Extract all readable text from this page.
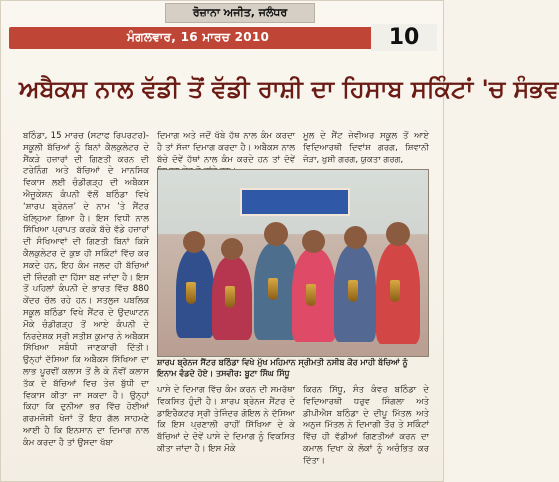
ਰੋਜ਼ਾਨਾ ਅਜੀਤ, ਜਲੰਧਰ
ਮੰਗਲਵਾਰ, 16 ਮਾਰਚ 2010	10
ਅਬੈਕਸ ਨਾਲ ਵੱਡੀ ਤੋਂ ਵੱਡੀ ਰਾਸ਼ੀ ਦਾ ਹਿਸਾਬ ਸਕਿੰਟਾਂ 'ਚ ਸੰਭਵ
ਬਠਿੰਡਾ, 15 ਮਾਰਚ (ਸਟਾਫ ਰਿਪਰਟਰ)- ਸਕੂਲੀ ਬੱਚਿਆਂ ਨੂੰ ਬਿਨਾਂ ਕੈਲਕੁਲੇਟਰ ਦੇ ਸੈਂਕੜੇ ਹਜ਼ਾਰਾਂ ਦੀ ਗਿਣਤੀ ਕਰਨ ਦੀ ਟਰੇਨਿੰਗ ਅਤੇ ਬੱਚਿਆਂ ਦੇ ਮਾਨਸਿਕ ਵਿਕਾਸ ਲਈ ਚੰਡੀਗੜ੍ਹ ਦੀ ਅਬੈਕਸ ਐਜੂਕੇਸ਼ਨ ਕੰਪਨੀ ਵੱਲੋਂ ਬਠਿੰਡਾ ਵਿਖੇ ‘ਸ਼ਾਰਪ ਬ੍ਰੇਨਜ਼’ ਦੇ ਨਾਮ ’ਤੇ ਸੈਂਟਰ ਖੋਲ੍ਹਿਆ ਗਿਆ ਹੈ। ਇਸ ਵਿਧੀ ਨਾਲ ਸਿੱਖਿਆ ਪ੍ਰਾਪਤ ਕਰਕੇ ਬੱਚੇ ਵੱਡੇ ਹਜ਼ਾਰਾਂ ਦੀ ਸੰਖਿਆਵਾਂ ਦੀ ਗਿਣਤੀ ਬਿਨਾਂ ਕਿਸੇ ਕੈਲਕੁਲੇਟਰ ਦੇ ਕੁਝ ਹੀ ਸਕਿੰਟਾਂ ਵਿੱਚ ਕਰ ਸਕਦੇ ਹਨ, ਇਹ ਕੰਮ ਜਲਦ ਹੀ ਬੱਚਿਆਂ ਦੀ ਜ਼ਿੰਦਗੀ ਦਾ ਹਿੱਸਾ ਬਣ ਜਾਂਦਾ ਹੈ। ਇਸ ਤੋਂ ਪਹਿਲਾਂ ਕੰਪਨੀ ਦੇ ਭਾਰਤ ਵਿੱਚ 880 ਕੇਂਦਰ ਚੱਲ ਰਹੇ ਹਨ। ਸਤਲੁਜ ਪਬਲਿਕ ਸਕੂਲ ਬਠਿੰਡਾ ਵਿਖੇ ਸੈਂਟਰ ਦੇ ਉਦਘਾਟਨ ਮੌਕੇ ਚੰਡੀਗੜ੍ਹ ਤੋਂ ਆਏ ਕੰਪਨੀ ਦੇ ਨਿਰਦੇਸ਼ਕ ਸ੍ਰੀ ਸਤੀਸ਼ ਕੁਮਾਰ ਨੇ ਅਬੈਕਸ ਸਿੱਖਿਆ ਸਬੰਧੀ ਜਾਣਕਾਰੀ ਦਿੱਤੀ। ਉਨ੍ਹਾਂ ਦੱਸਿਆ ਕਿ ਅਬੈਕਸ ਸਿੱਖਿਆ ਦਾ ਲਾਭ ਪੂਰਵੀਂ ਕਲਾਸ ਤੋਂ ਲੈ ਕੇ ਨੌਵੀਂ ਕਲਾਸ ਤੱਕ ਦੇ ਬੱਚਿਆਂ ਵਿਚ ਤੇਜ਼ ਬੁੱਧੀ ਦਾ ਵਿਕਾਸ ਕੀਤਾ ਜਾ ਸਕਦਾ ਹੈ। ਉਨ੍ਹਾਂ ਕਿਹਾ ਕਿ ਦੁਨੀਆ ਭਰ ਵਿੱਚ ਹੋਈਆਂ ਗਰਮਜੋਸ਼ੀ ਖੋਜਾਂ ਤੋਂ ਇਹ ਗੱਲ ਸਾਹਮਣੇ ਆਈ ਹੈ ਕਿ ਇਨਸਾਨ ਦਾ ਦਿਮਾਗ ਨਾਲ ਕੰਮ ਕਰਦਾ ਹੈ ਤਾਂ ਉਸਦਾ ਖੱਬਾ
ਦਿਮਾਗ ਅਤੇ ਜਦੋਂ ਖੱਬੇ ਹੱਥ ਨਾਲ ਕੰਮ ਕਰਦਾ ਹੈ ਤਾਂ ਸੱਜਾ ਦਿਮਾਗ ਕਰਦਾ ਹੈ। ਅਬੈਕਸ ਨਾਲ ਬੱਚੇ ਦੋਵੇਂ ਹੱਥਾਂ ਨਾਲ ਕੰਮ ਕਰਦੇ ਹਨ ਤਾਂ ਦੋਵੇਂ
ਮੂਲ ਦੇ ਸੈਂਟ ਜ਼ੇਵੀਅਰ ਸਕੂਲ ਤੋਂ ਆਏ ਵਿਦਿਆਰਥੀ ਦਿਵਾਂਸ਼ ਗਰਗ, ਸ਼ਿਵਾਨੀ ਜੋੜਾ, ਖੁਸ਼ੀ ਗਰਗ, ਯੁਕਤਾ ਗਰਗ,
ਸ਼ਾਰਪ ਬ੍ਰੇਨਜ ਸੈਂਟਰ ਬਠਿੰਡਾ ਵਿਖੇ ਮੁੱਖ ਮਹਿਮਾਨ ਸ੍ਰੀਮਤੀ ਨਸੀਬ ਕੌਰ ਮਾਹੀ ਬੱਚਿਆਂ ਨੂੰ ਇਨਾਮ ਵੰਡਦੇ ਹੋਏ। ਤਸਵੀਰ: ਬੂਟਾ ਸਿੰਘ ਸਿੱਧੂ
ਪਾਸੇ ਦੇ ਦਿਮਾਗ ਵਿੱਚ ਕੰਮ ਕਰਨ ਦੀ ਸਮਰੱਥਾ ਵਿਕਸਿਤ ਹੁੰਦੀ ਹੈ। ਸ਼ਾਰਪ ਬ੍ਰੇਨਜ ਸੈਂਟਰ ਦੇ ਡਾਇਰੈਕਟਰ ਸ੍ਰੀ ਤੇਜਿੰਦਰ ਗੋਇਲ ਨੇ ਦੱਸਿਆ ਕਿ ਇਸ ਪ੍ਰਣਾਲੀ ਰਾਹੀਂ ਸਿੱਖਿਆ ਦੇ ਕੇ ਬੱਚਿਆਂ ਦੇ ਦੋਵੇਂ ਪਾਸੇ ਦੇ ਦਿਮਾਗ ਨੂੰ ਵਿਕਸਿਤ ਕੀਤਾ ਜਾਂਦਾ ਹੈ। ਇਸ ਮੌਕੇ
ਕਿਰਨ ਸਿੱਧੂ, ਸੰਤ ਕੰਵਰ ਬਠਿੰਡਾ ਦੇ ਵਿਦਿਆਰਥੀ ਧਰੁਵ ਸਿੰਗਲਾ ਅਤੇ ਡੀਪੀਐਸ ਬਠਿੰਡਾ ਦੇ ਦੀਪੂ ਮਿੱਤਲ ਅਤੇ ਅਨੁਜ ਮਿੱਤਲ ਨੇ ਦਿਮਾਗੀ ਤੌਰ ਤੇ ਸਕਿੰਟਾਂ ਵਿੱਚ ਹੀ ਵੱਡੀਆਂ ਗਿਣਤੀਆਂ ਕਰਨ ਦਾ ਕਮਾਲ ਦਿਖਾ ਕੇ ਲੋਕਾਂ ਨੂੰ ਅਚੰਭਿਤ ਕਰ ਦਿੱਤਾ।
